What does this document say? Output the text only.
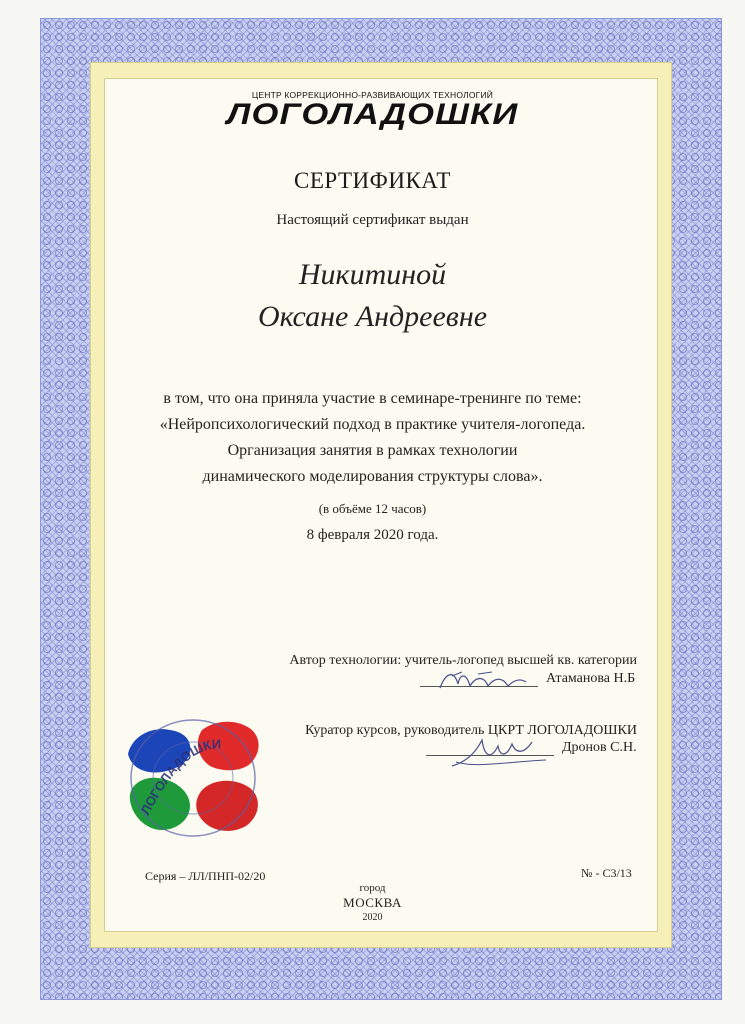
ЦЕНТР КОРРЕКЦИОННО-РАЗВИВАЮЩИХ ТЕХНОЛОГИЙ
ЛОГОЛАДОШКИ
СЕРТИФИКАТ
Настоящий сертификат выдан
Никитиной
Оксане Андреевне
в том, что она приняла участие в семинаре-тренинге по теме:
«Нейропсихологический подход в практике учителя-логопеда.
Организация занятия в рамках технологии
динамического моделирования структуры слова».
(в объёме 12 часов)
8 февраля 2020 года.
Автор технологии: учитель-логопед высшей кв. категории
Атаманова Н.Б
Куратор курсов, руководитель ЦКРТ ЛОГОЛАДОШКИ
Дронов С.Н.
ЛОГОЛАДОШКИ
Серия – ЛЛ/ПНП-02/20	№ - С3/13
город
МОСКВА
2020
